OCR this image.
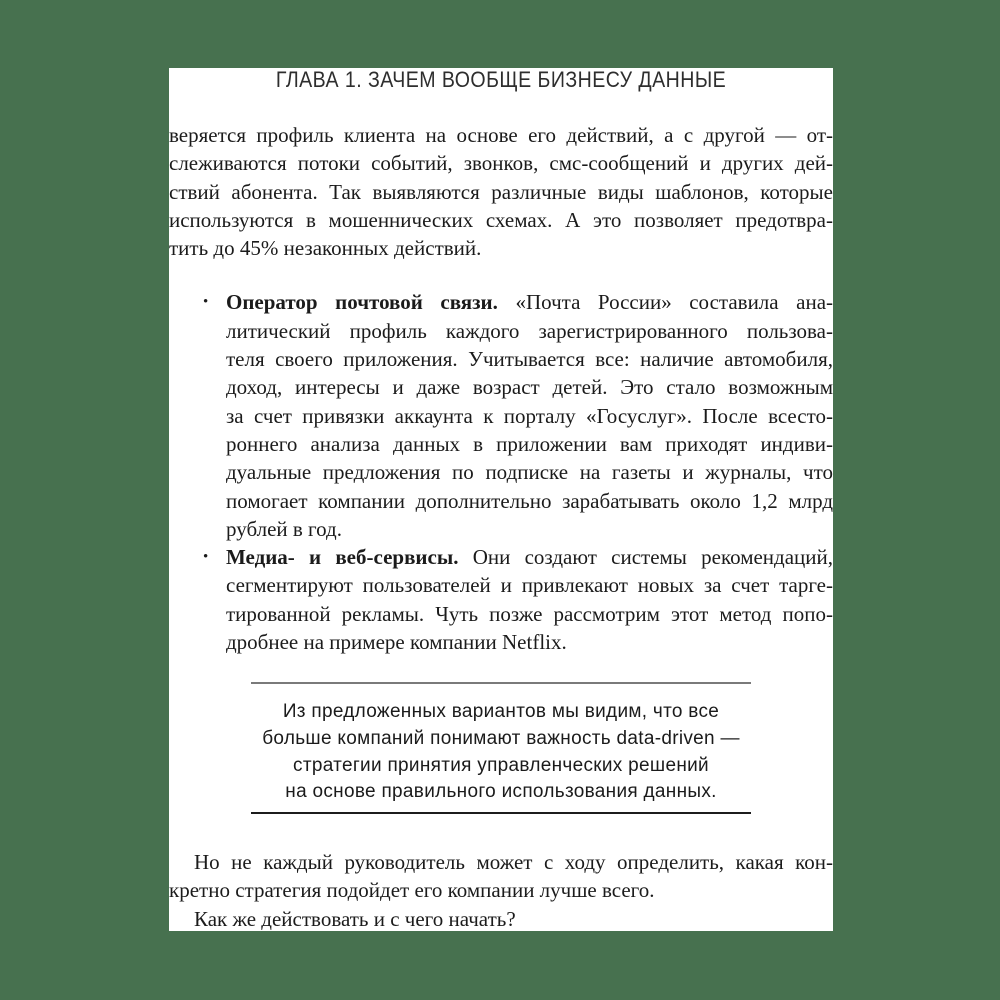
ГЛАВА 1. ЗАЧЕМ ВООБЩЕ БИЗНЕСУ ДАННЫЕ
веряется профиль клиента на основе его действий, а с другой — от-
слеживаются потоки событий, звонков, смс-сообщений и других дей-
ствий абонента. Так выявляются различные виды шаблонов, которые
используются в мошеннических схемах. А это позволяет предотвра-
тить до 45% незаконных действий.
• Оператор почтовой связи. «Почта России» составила ана-
литический профиль каждого зарегистрированного пользова-
теля своего приложения. Учитывается все: наличие автомобиля,
доход, интересы и даже возраст детей. Это стало возможным
за счет привязки аккаунта к порталу «Госуслуг». После всесто-
роннего анализа данных в приложении вам приходят индиви-
дуальные предложения по подписке на газеты и журналы, что
помогает компании дополнительно зарабатывать около 1,2 млрд
рублей в год.
• Медиа- и веб-сервисы. Они создают системы рекомендаций,
сегментируют пользователей и привлекают новых за счет тарге-
тированной рекламы. Чуть позже рассмотрим этот метод попо-
дробнее на примере компании Netflix.
Из предложенных вариантов мы видим, что все
больше компаний понимают важность data-driven —
стратегии принятия управленческих решений
на основе правильного использования данных.
Но не каждый руководитель может с ходу определить, какая кон-
кретно стратегия подойдет его компании лучше всего.
Как же действовать и с чего начать?
